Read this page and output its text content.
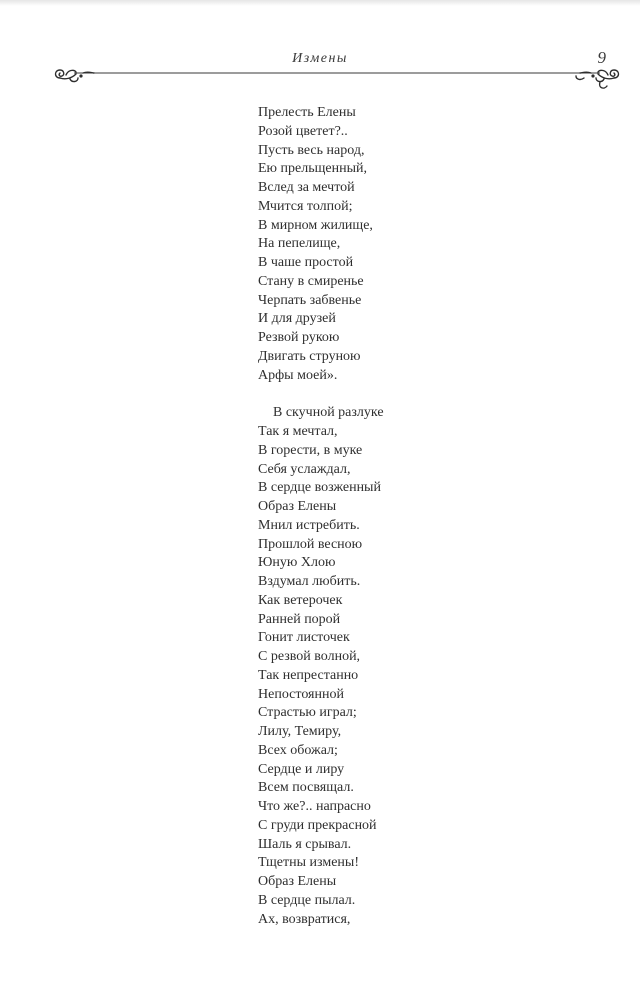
Измены	9
Прелесть Елены
Розой цветет?..
Пусть весь народ,
Ею прельщенный,
Вслед за мечтой
Мчится толпой;
В мирном жилище,
На пепелище,
В чаше простой
Стану в смиренье
Черпать забвенье
И для друзей
Резвой рукою
Двигать струною
Арфы моей».
В скучной разлуке
Так я мечтал,
В горести, в муке
Себя услаждал,
В сердце возженный
Образ Елены
Мнил истребить.
Прошлой весною
Юную Хлою
Вздумал любить.
Как ветерочек
Ранней порой
Гонит листочек
С резвой волной,
Так непрестанно
Непостоянной
Страстью играл;
Лилу, Темиру,
Всех обожал;
Сердце и лиру
Всем посвящал.
Что же?.. напрасно
С груди прекрасной
Шаль я срывал.
Тщетны измены!
Образ Елены
В сердце пылал.
Ах, возвратися,
